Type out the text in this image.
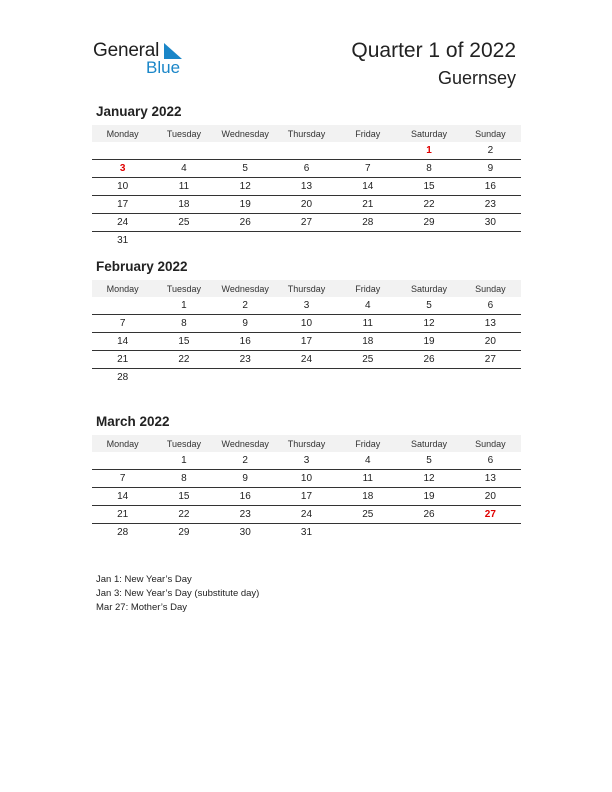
General
Blue
Quarter 1 of 2022
Guernsey
January 2022
Monday	Tuesday	Wednesday	Thursday	Friday	Saturday	Sunday
					1	2
3	4	5	6	7	8	9
10	11	12	13	14	15	16
17	18	19	20	21	22	23
24	25	26	27	28	29	30
31						
February 2022
Monday	Tuesday	Wednesday	Thursday	Friday	Saturday	Sunday
	1	2	3	4	5	6
7	8	9	10	11	12	13
14	15	16	17	18	19	20
21	22	23	24	25	26	27
28						
March 2022
Monday	Tuesday	Wednesday	Thursday	Friday	Saturday	Sunday
	1	2	3	4	5	6
7	8	9	10	11	12	13
14	15	16	17	18	19	20
21	22	23	24	25	26	27
28	29	30	31			
Jan 1: New Year’s Day
Jan 3: New Year’s Day (substitute day)
Mar 27: Mother’s Day
